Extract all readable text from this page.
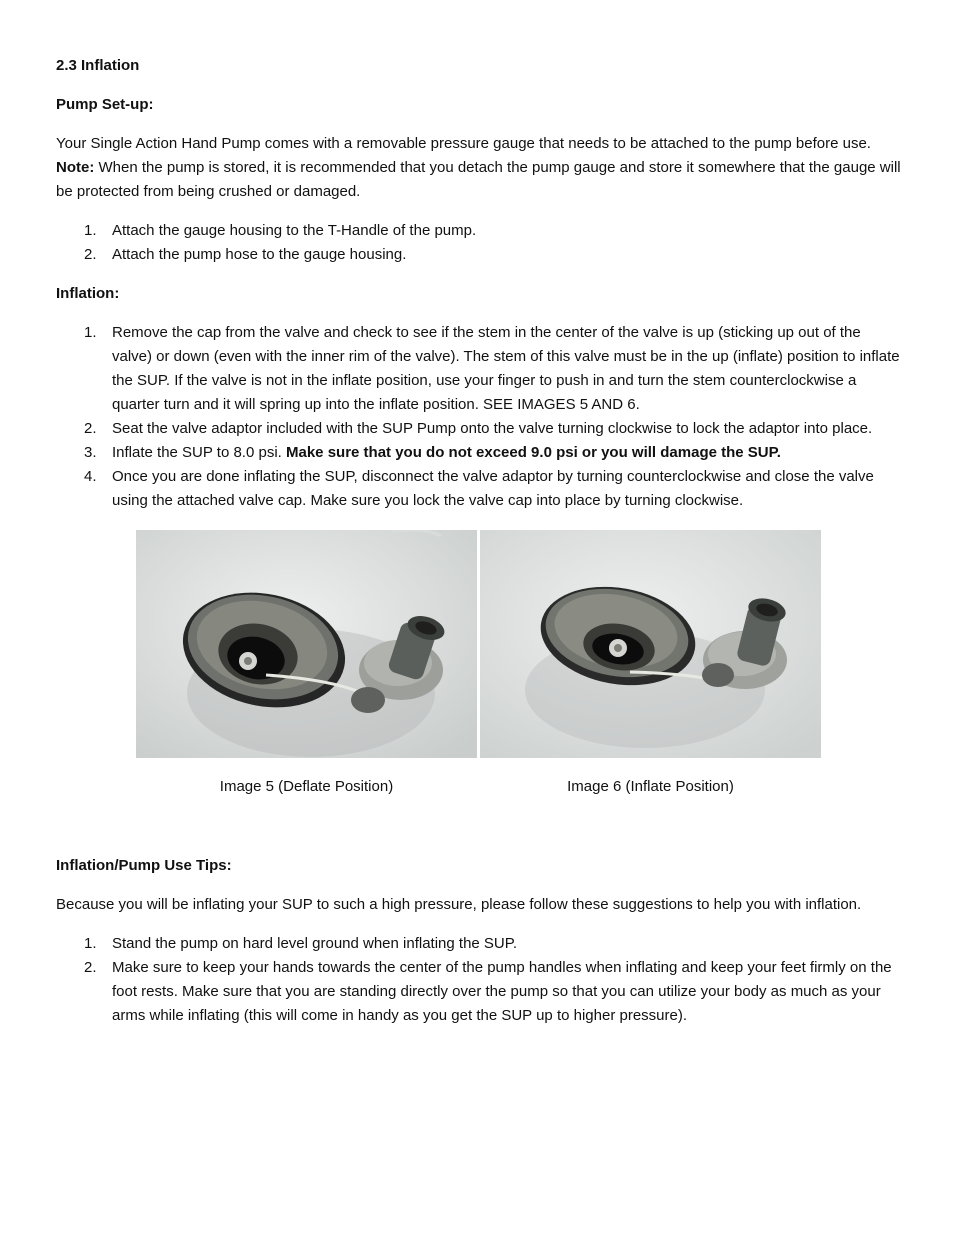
2.3 Inflation
Pump Set-up:

Your Single Action Hand Pump comes with a removable pressure gauge that needs to be attached to the pump before use. Note: When the pump is stored, it is recommended that you detach the pump gauge and store it somewhere that the gauge will be protected from being crushed or damaged.

1. Attach the gauge housing to the T-Handle of the pump.
2. Attach the pump hose to the gauge housing.
Inflation:
1. Remove the cap from the valve and check to see if the stem in the center of the valve is up (sticking up out of the valve) or down (even with the inner rim of the valve). The stem of this valve must be in the up (inflate) position to inflate the SUP. If the valve is not in the inflate position, use your finger to push in and turn the stem counterclockwise a quarter turn and it will spring up into the inflate position. SEE IMAGES 5 AND 6.
2. Seat the valve adaptor included with the SUP Pump onto the valve turning clockwise to lock the adaptor into place.
3. Inflate the SUP to 8.0 psi. Make sure that you do not exceed 9.0 psi or you will damage the SUP.
4. Once you are done inflating the SUP, disconnect the valve adaptor by turning counterclockwise and close the valve using the attached valve cap. Make sure you lock the valve cap into place by turning clockwise.
Image 5 (Deflate Position)	Image 6 (Inflate Position)
Inflation/Pump Use Tips:

Because you will be inflating your SUP to such a high pressure, please follow these suggestions to help you with inflation.

1. Stand the pump on hard level ground when inflating the SUP.
2. Make sure to keep your hands towards the center of the pump handles when inflating and keep your feet firmly on the foot rests. Make sure that you are standing directly over the pump so that you can utilize your body as much as your arms while inflating (this will come in handy as you get the SUP up to higher pressure).
